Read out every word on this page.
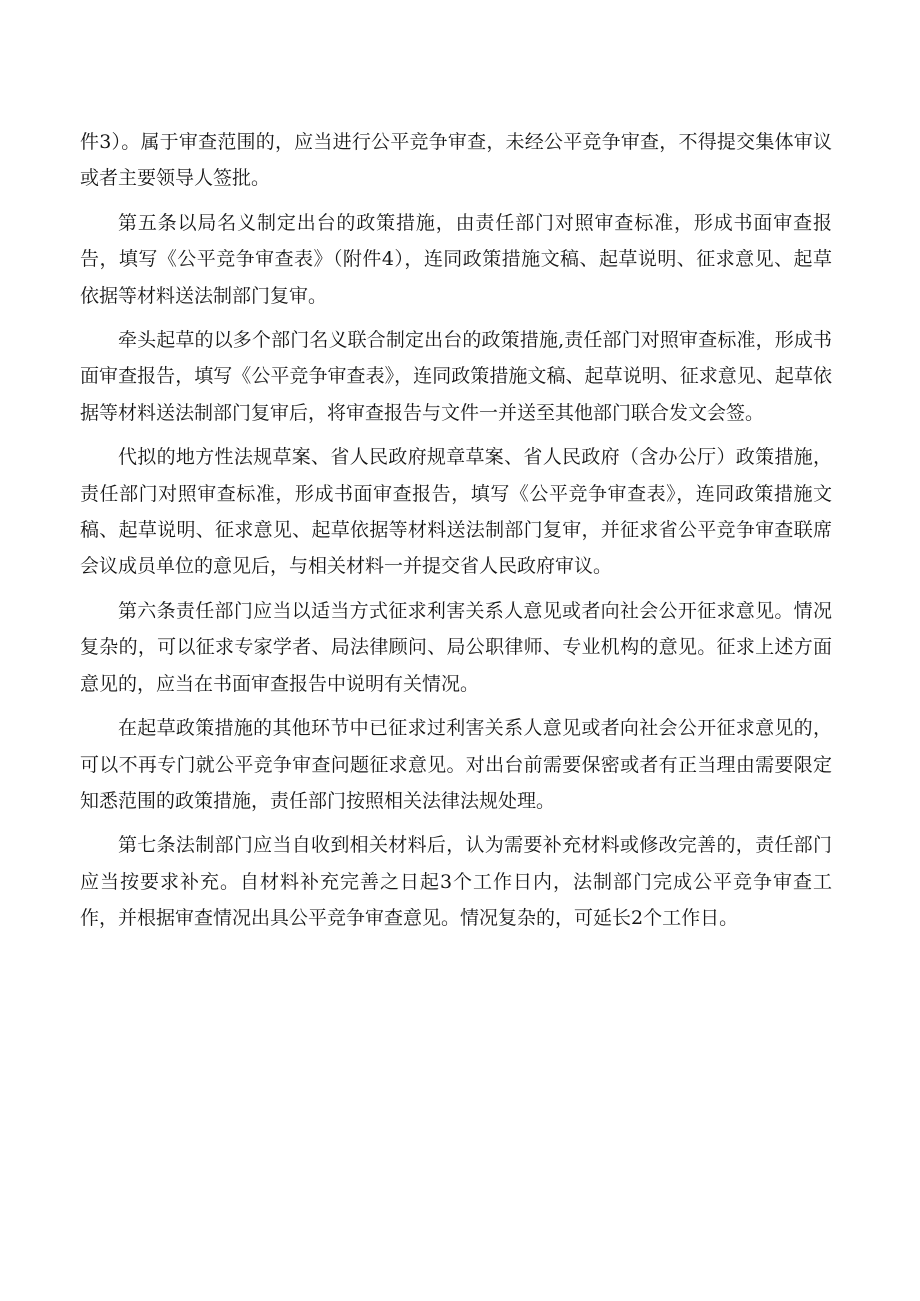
件3）。属于审查范围的，应当进行公平竞争审查，未经公平竞争审查，不得提交集体审议或者主要领导人签批。

第五条以局名义制定出台的政策措施，由责任部门对照审查标准，形成书面审查报告，填写《公平竞争审查表》（附件4），连同政策措施文稿、起草说明、征求意见、起草依据等材料送法制部门复审。

牵头起草的以多个部门名义联合制定出台的政策措施,责任部门对照审查标准，形成书面审查报告，填写《公平竞争审查表》，连同政策措施文稿、起草说明、征求意见、起草依据等材料送法制部门复审后，将审查报告与文件一并送至其他部门联合发文会签。

代拟的地方性法规草案、省人民政府规章草案、省人民政府（含办公厅）政策措施，责任部门对照审查标准，形成书面审查报告，填写《公平竞争审查表》，连同政策措施文稿、起草说明、征求意见、起草依据等材料送法制部门复审，并征求省公平竞争审查联席会议成员单位的意见后，与相关材料一并提交省人民政府审议。

第六条责任部门应当以适当方式征求利害关系人意见或者向社会公开征求意见。情况复杂的，可以征求专家学者、局法律顾问、局公职律师、专业机构的意见。征求上述方面意见的，应当在书面审查报告中说明有关情况。

在起草政策措施的其他环节中已征求过利害关系人意见或者向社会公开征求意见的，可以不再专门就公平竞争审查问题征求意见。对出台前需要保密或者有正当理由需要限定知悉范围的政策措施，责任部门按照相关法律法规处理。

第七条法制部门应当自收到相关材料后，认为需要补充材料或修改完善的，责任部门应当按要求补充。自材料补充完善之日起3个工作日内，法制部门完成公平竞争审查工作，并根据审查情况出具公平竞争审查意见。情况复杂的，可延长2个工作日。
